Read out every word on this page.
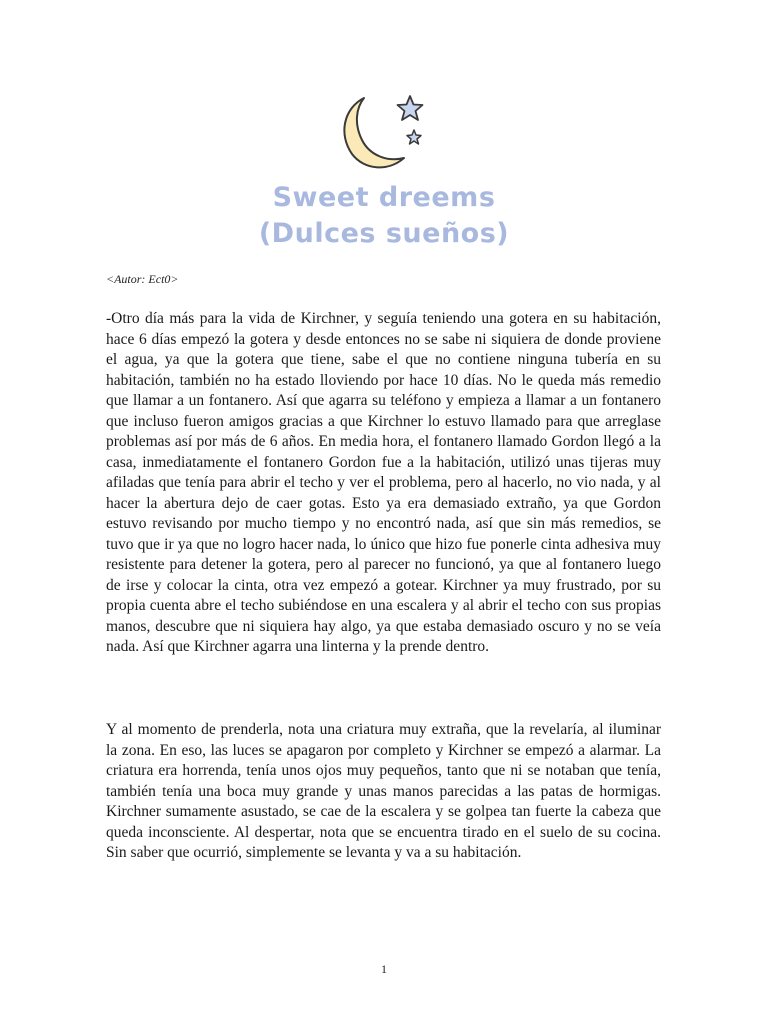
Sweet dreems
(Dulces sueños)
<Autor: Ect0>

-Otro día más para la vida de Kirchner, y seguía teniendo una gotera en su habitación, hace 6 días empezó la gotera y desde entonces no se sabe ni siquiera de donde proviene el agua, ya que la gotera que tiene, sabe el que no contiene ninguna tubería en su habitación, también no ha estado lloviendo por hace 10 días. No le queda más remedio que llamar a un fontanero. Así que agarra su teléfono y empieza a llamar a un fontanero que incluso fueron amigos gracias a que Kirchner lo estuvo llamado para que arreglase problemas así por más de 6 años. En media hora, el fontanero llamado Gordon llegó a la casa, inmediatamente el fontanero Gordon fue a la habitación, utilizó unas tijeras muy afiladas que tenía para abrir el techo y ver el problema, pero al hacerlo, no vio nada, y al hacer la abertura dejo de caer gotas. Esto ya era demasiado extraño, ya que Gordon estuvo revisando por mucho tiempo y no encontró nada, así que sin más remedios, se tuvo que ir ya que no logro hacer nada, lo único que hizo fue ponerle cinta adhesiva muy resistente para detener la gotera, pero al parecer no funcionó, ya que al fontanero luego de irse y colocar la cinta, otra vez empezó a gotear. Kirchner ya muy frustrado, por su propia cuenta abre el techo subiéndose en una escalera y al abrir el techo con sus propias manos, descubre que ni siquiera hay algo, ya que estaba demasiado oscuro y no se veía nada. Así que Kirchner agarra una linterna y la prende dentro.

Y al momento de prenderla, nota una criatura muy extraña, que la revelaría, al iluminar la zona. En eso, las luces se apagaron por completo y Kirchner se empezó a alarmar. La criatura era horrenda, tenía unos ojos muy pequeños, tanto que ni se notaban que tenía, también tenía una boca muy grande y unas manos parecidas a las patas de hormigas. Kirchner sumamente asustado, se cae de la escalera y se golpea tan fuerte la cabeza que queda inconsciente. Al despertar, nota que se encuentra tirado en el suelo de su cocina. Sin saber que ocurrió, simplemente se levanta y va a su habitación.

1
